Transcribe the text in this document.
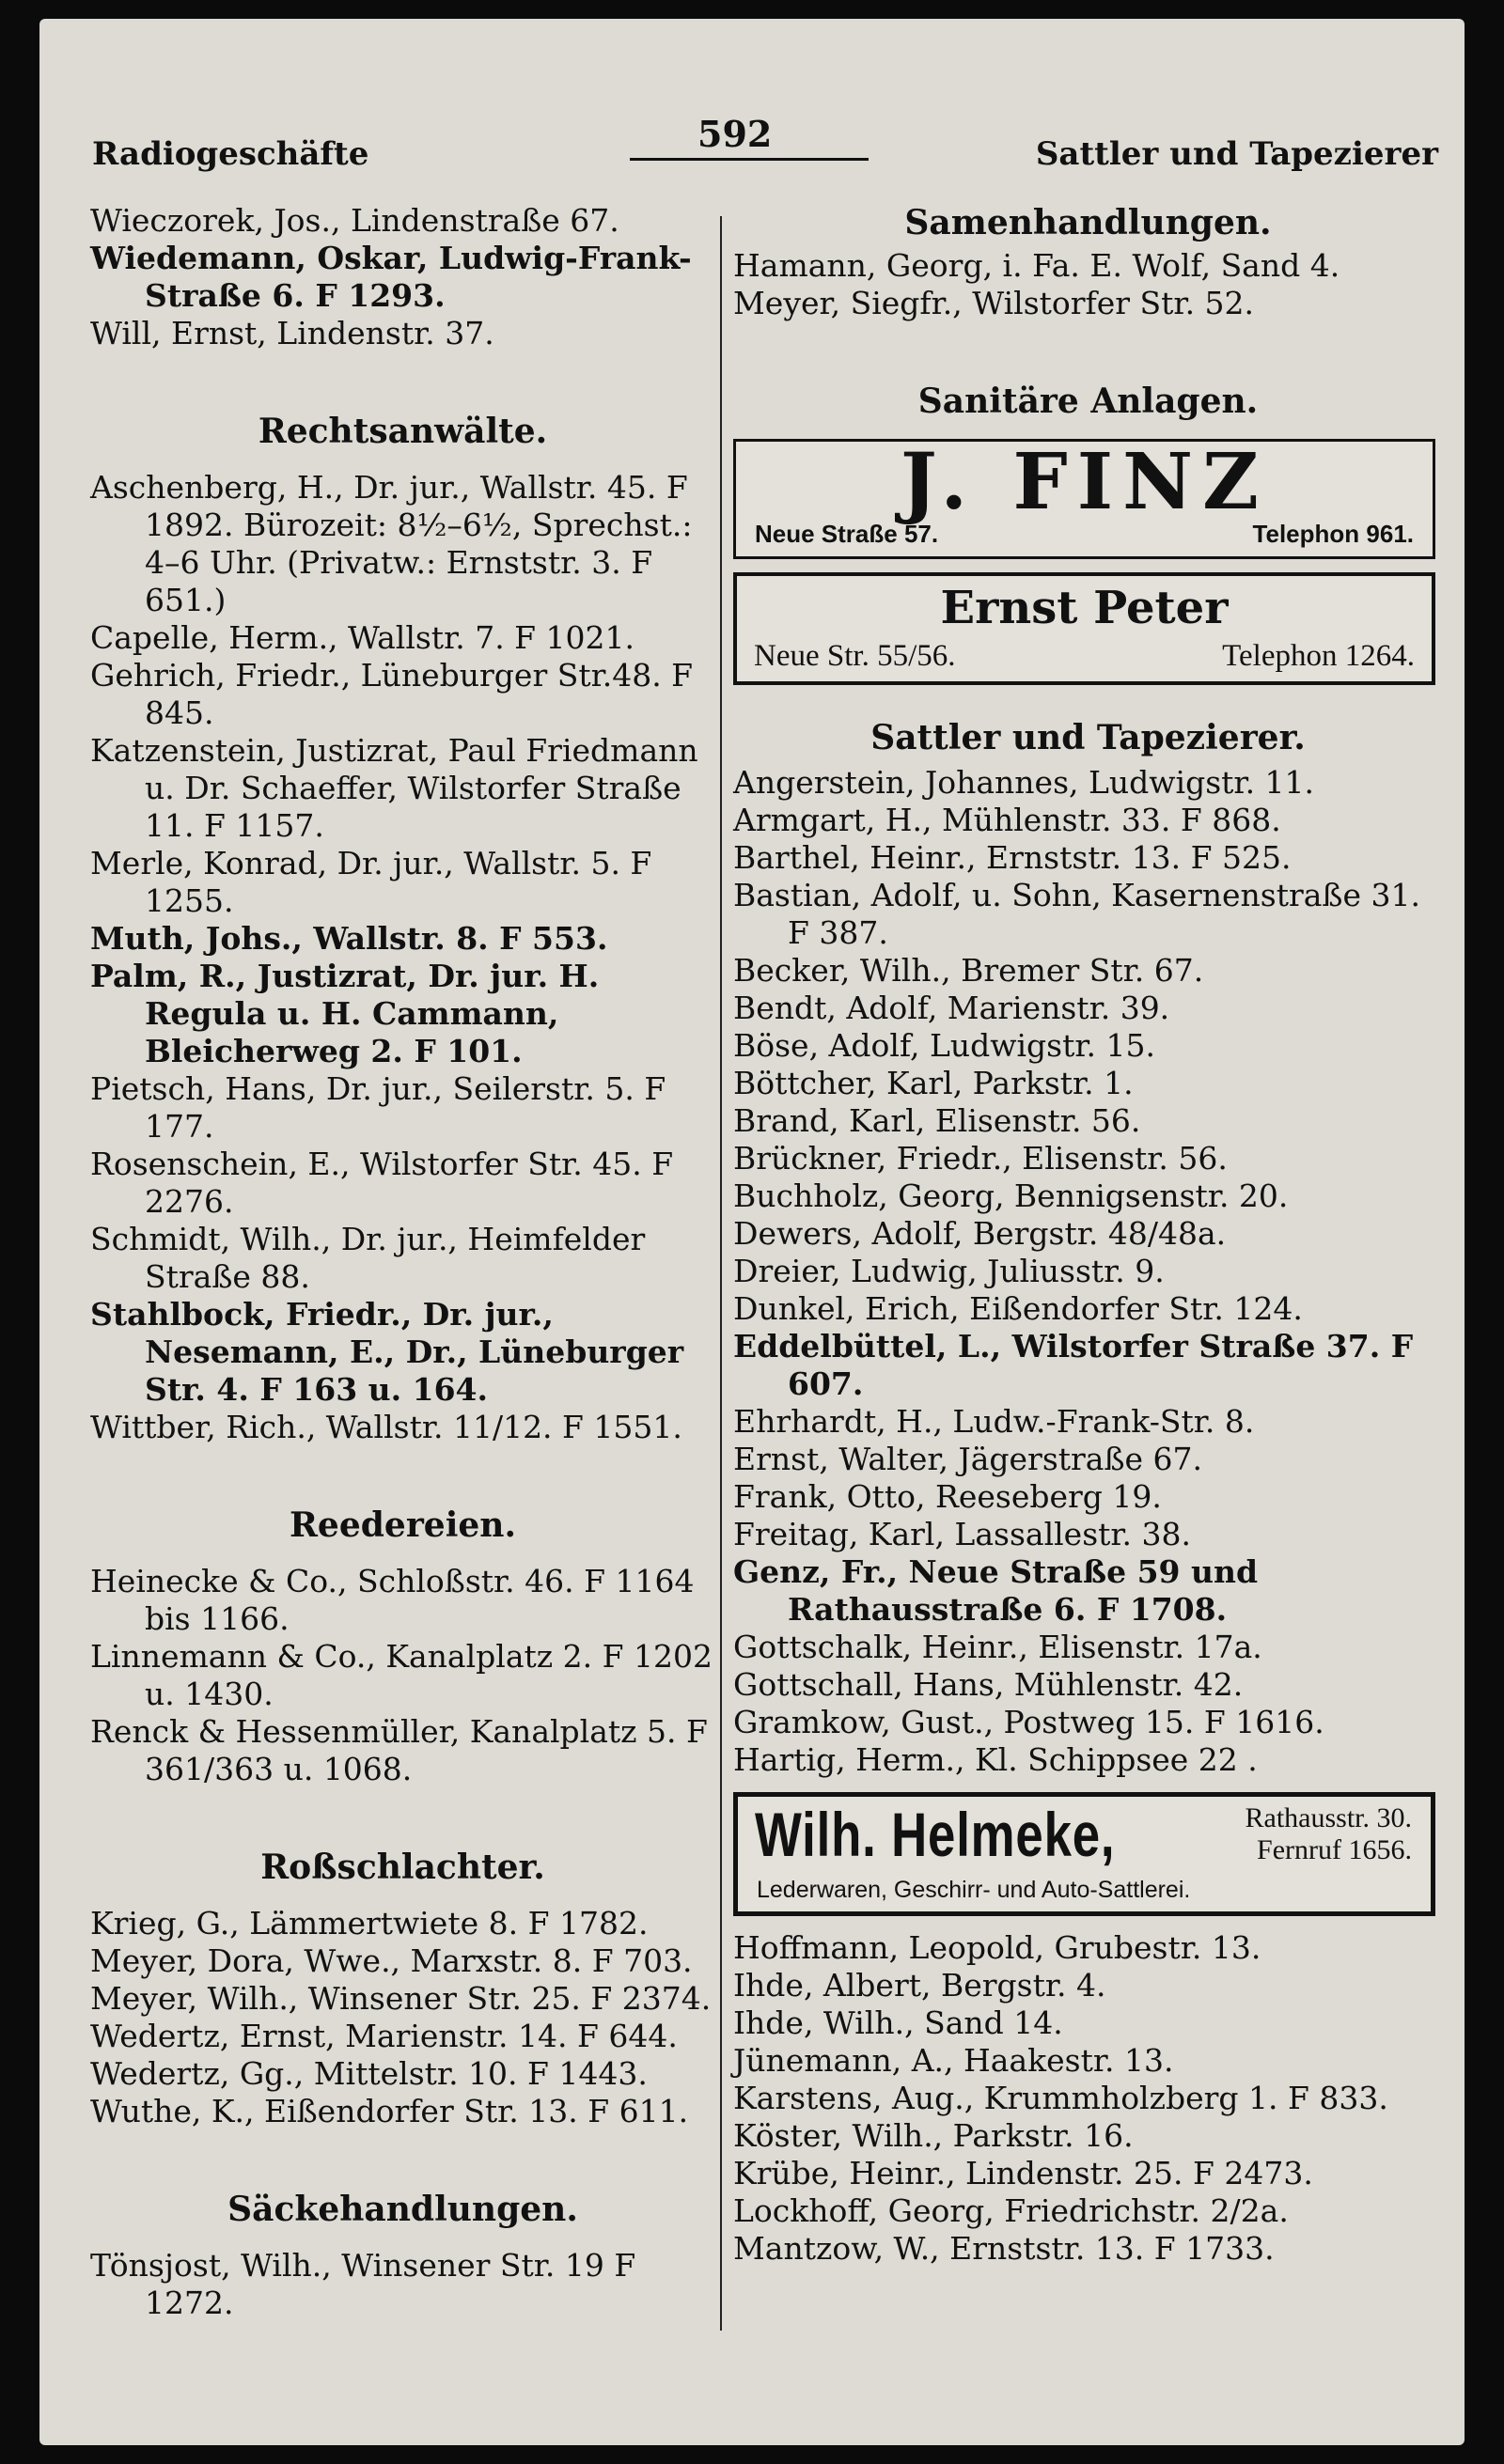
Radiogeschäfte	592	Sattler und Tapezierer
Wieczorek, Jos., Lindenstraße 67.
Wiedemann, Oskar, Ludwig-Frank-Straße 6. F 1293.
Will, Ernst, Lindenstr. 37.
Rechtsanwälte.
Aschenberg, H., Dr. jur., Wallstr. 45. F 1892. Bürozeit: 8½–6½, Sprechst.: 4–6 Uhr. (Privatw.: Ernststr. 3. F 651.)
Capelle, Herm., Wallstr. 7. F 1021.
Gehrich, Friedr., Lüneburger Str.48. F 845.
Katzenstein, Justizrat, Paul Friedmann u. Dr. Schaeffer, Wilstorfer Straße 11. F 1157.
Merle, Konrad, Dr. jur., Wallstr. 5. F 1255.
Muth, Johs., Wallstr. 8. F 553.
Palm, R., Justizrat, Dr. jur. H. Regula u. H. Cammann, Bleicherweg 2. F 101.
Pietsch, Hans, Dr. jur., Seilerstr. 5. F 177.
Rosenschein, E., Wilstorfer Str. 45. F 2276.
Schmidt, Wilh., Dr. jur., Heimfelder Straße 88.
Stahlbock, Friedr., Dr. jur., Nesemann, E., Dr., Lüneburger Str. 4. F 163 u. 164.
Wittber, Rich., Wallstr. 11/12. F 1551.
Reedereien.
Heinecke & Co., Schloßstr. 46. F 1164 bis 1166.
Linnemann & Co., Kanalplatz 2. F 1202 u. 1430.
Renck & Hessenmüller, Kanalplatz 5. F 361/363 u. 1068.
Roßschlachter.
Krieg, G., Lämmertwiete 8. F 1782.
Meyer, Dora, Wwe., Marxstr. 8. F 703.
Meyer, Wilh., Winsener Str. 25. F 2374.
Wedertz, Ernst, Marienstr. 14. F 644.
Wedertz, Gg., Mittelstr. 10. F 1443.
Wuthe, K., Eißendorfer Str. 13. F 611.
Säckehandlungen.
Tönsjost, Wilh., Winsener Str. 19 F 1272.
Samenhandlungen.
Hamann, Georg, i. Fa. E. Wolf, Sand 4.
Meyer, Siegfr., Wilstorfer Str. 52.
Sanitäre Anlagen.
J. FINZ
Neue Straße 57.	Telephon 961.
Ernst Peter
Neue Str. 55/56.	Telephon 1264.
Sattler und Tapezierer.
Angerstein, Johannes, Ludwigstr. 11.
Armgart, H., Mühlenstr. 33. F 868.
Barthel, Heinr., Ernststr. 13. F 525.
Bastian, Adolf, u. Sohn, Kasernenstraße 31. F 387.
Becker, Wilh., Bremer Str. 67.
Bendt, Adolf, Marienstr. 39.
Böse, Adolf, Ludwigstr. 15.
Böttcher, Karl, Parkstr. 1.
Brand, Karl, Elisenstr. 56.
Brückner, Friedr., Elisenstr. 56.
Buchholz, Georg, Bennigsenstr. 20.
Dewers, Adolf, Bergstr. 48/48a.
Dreier, Ludwig, Juliusstr. 9.
Dunkel, Erich, Eißendorfer Str. 124.
Eddelbüttel, L., Wilstorfer Straße 37. F 607.
Ehrhardt, H., Ludw.-Frank-Str. 8.
Ernst, Walter, Jägerstraße 67.
Frank, Otto, Reeseberg 19.
Freitag, Karl, Lassallestr. 38.
Genz, Fr., Neue Straße 59 und Rathausstraße 6. F 1708.
Gottschalk, Heinr., Elisenstr. 17a.
Gottschall, Hans, Mühlenstr. 42.
Gramkow, Gust., Postweg 15. F 1616.
Hartig, Herm., Kl. Schippsee 22 .
Wilh. Helmeke,	Rathausstr. 30.
Fernruf 1656.
Lederwaren, Geschirr- und Auto-Sattlerei.
Hoffmann, Leopold, Grubestr. 13.
Ihde, Albert, Bergstr. 4.
Ihde, Wilh., Sand 14.
Jünemann, A., Haakestr. 13.
Karstens, Aug., Krummholzberg 1. F 833.
Köster, Wilh., Parkstr. 16.
Krübe, Heinr., Lindenstr. 25. F 2473.
Lockhoff, Georg, Friedrichstr. 2/2a.
Mantzow, W., Ernststr. 13. F 1733.
